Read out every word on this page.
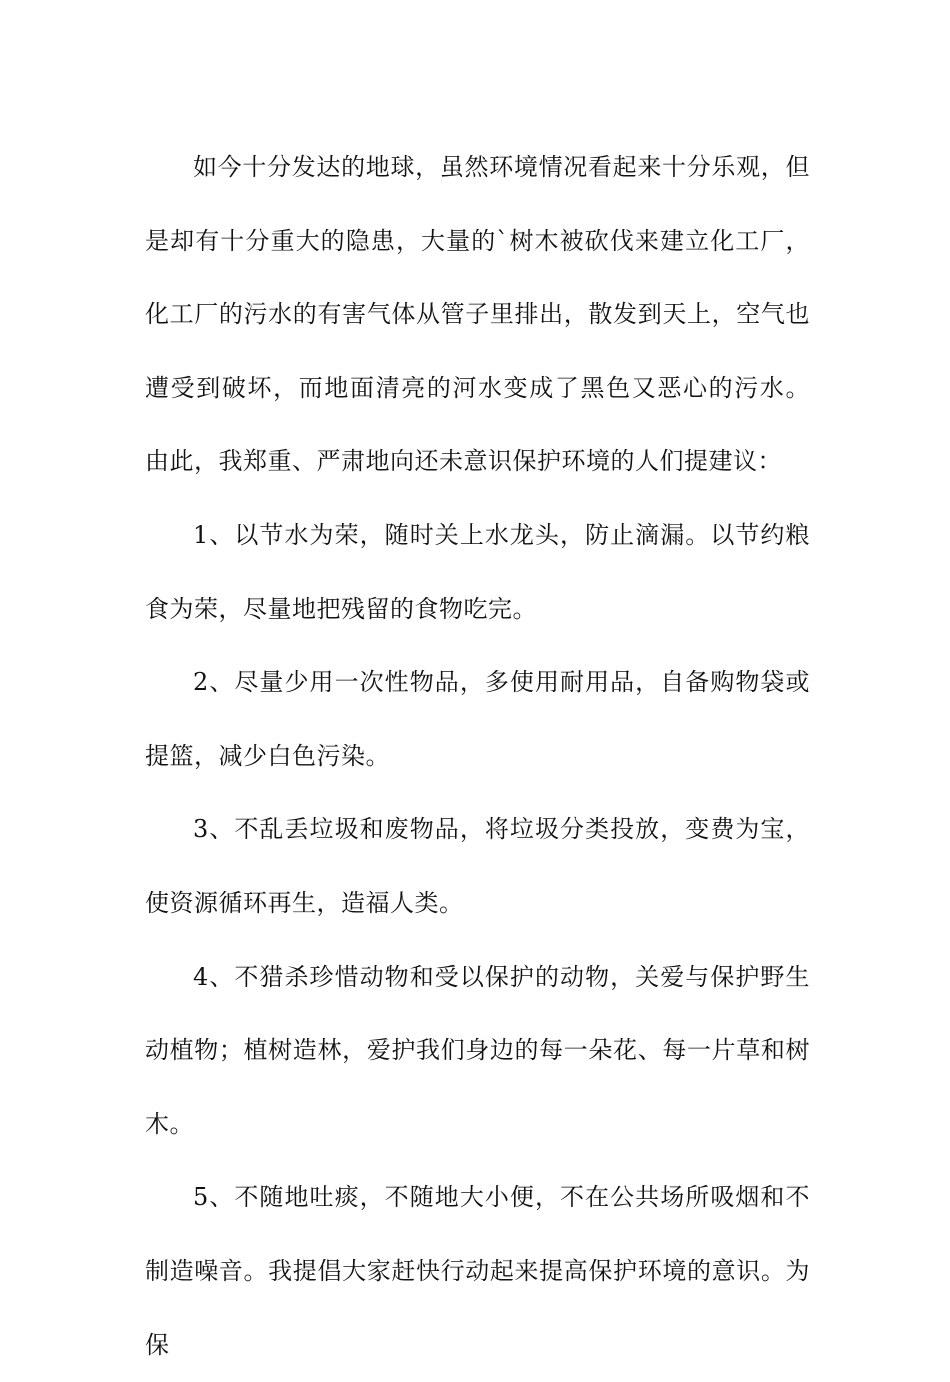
如今十分发达的地球，虽然环境情况看起来十分乐观，但是却有十分重大的隐患，大量的`树木被砍伐来建立化工厂，化工厂的污水的有害气体从管子里排出，散发到天上，空气也遭受到破坏，而地面清亮的河水变成了黑色又恶心的污水。 由此，我郑重、严肃地向还未意识保护环境的人们提建议：

1、以节水为荣，随时关上水龙头，防止滴漏。以节约粮食为荣，尽量地把残留的食物吃完。

2、尽量少用一次性物品，多使用耐用品，自备购物袋或提篮，减少白色污染。

3、不乱丢垃圾和废物品，将垃圾分类投放，变费为宝，使资源循环再生，造福人类。

4、不猎杀珍惜动物和受以保护的动物，关爱与保护野生动植物；植树造林，爱护我们身边的每一朵花、每一片草和树木。

5、不随地吐痰，不随地大小便，不在公共场所吸烟和不制造噪音。我提倡大家赶快行动起来提高保护环境的意识。为保
